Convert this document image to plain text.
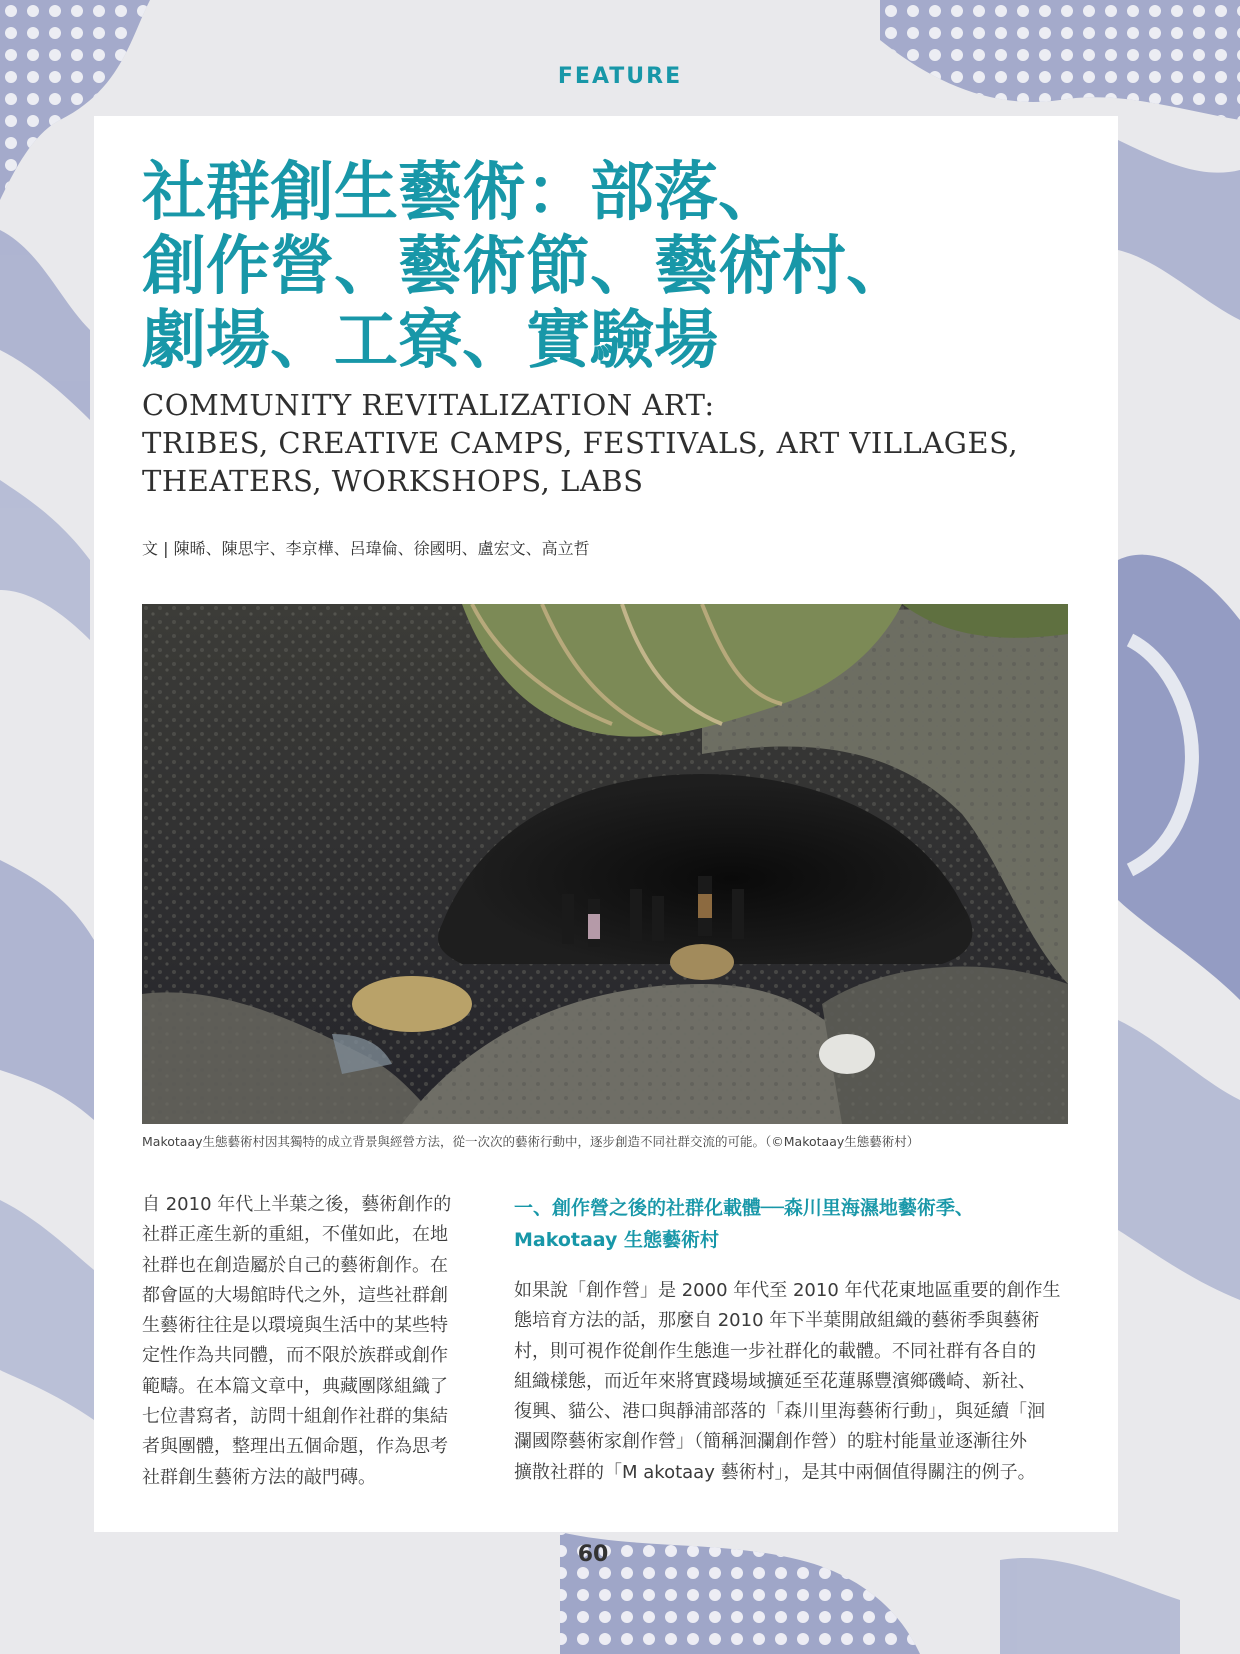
FEATURE
社群創生藝術：部落、
創作營、藝術節、藝術村、
劇場、工寮、實驗場
COMMUNITY REVITALIZATION ART:
TRIBES, CREATIVE CAMPS, FESTIVALS, ART VILLAGES,
THEATERS, WORKSHOPS, LABS
文 | 陳晞、陳思宇、李京樺、呂瑋倫、徐國明、盧宏文、高立哲
Makotaay生態藝術村因其獨特的成立背景與經營方法，從一次次的藝術行動中，逐步創造不同社群交流的可能。（©Makotaay生態藝術村）
自 2010 年代上半葉之後，藝術創作的
社群正產生新的重組，不僅如此，在地
社群也在創造屬於自己的藝術創作。在
都會區的大場館時代之外，這些社群創
生藝術往往是以環境與生活中的某些特
定性作為共同體，而不限於族群或創作
範疇。在本篇文章中，典藏團隊組織了
七位書寫者，訪問十組創作社群的集結
者與團體，整理出五個命題，作為思考
社群創生藝術方法的敲門磚。
一、創作營之後的社群化載體──森川里海濕地藝術季、
Makotaay 生態藝術村
如果說「創作營」是 2000 年代至 2010 年代花東地區重要的創作生
態培育方法的話，那麼自 2010 年下半葉開啟組織的藝術季與藝術
村，則可視作從創作生態進一步社群化的載體。不同社群有各自的
組織樣態，而近年來將實踐場域擴延至花蓮縣豐濱鄉磯崎、新社、
復興、貓公、港口與靜浦部落的「森川里海藝術行動」，與延續「洄
瀾國際藝術家創作營」（簡稱洄瀾創作營）的駐村能量並逐漸往外
擴散社群的「M akotaay 藝術村」，是其中兩個值得關注的例子。
60
